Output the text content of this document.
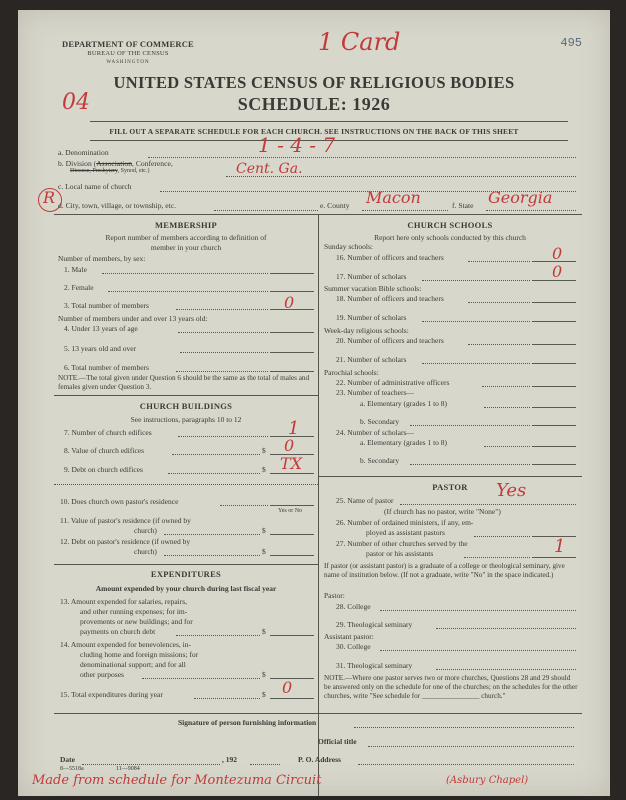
DEPARTMENT OF COMMERCE
BUREAU OF THE CENSUS
WASHINGTON
495
1 Card
04
UNITED STATES CENSUS OF RELIGIOUS BODIES
SCHEDULE: 1926
FILL OUT A SEPARATE SCHEDULE FOR EACH CHURCH. SEE INSTRUCTIONS ON THE BACK OF THIS SHEET
a. Denomination	1 - 4 - 7
b. Division (Association, Conference,
Diocese, Presbytery, Synod, etc.)	Cent. Ga.
R
c. Local name of church
d. City, town, village, or township, etc.	e. County Macon	f. State Georgia
MEMBERSHIP
Report number of members according to definition of
member in your church
Number of members, by sex:
1. Male
2. Female
3. Total number of members	0
Number of members under and over 13 years old:
4. Under 13 years of age
5. 13 years old and over
6. Total number of members
NOTE.—The total given under Question 6 should be the same as the total of males and females given under Question 3.
CHURCH BUILDINGS
See instructions, paragraphs 10 to 12
7. Number of church edifices	1
8. Value of church edifices	$ 0
9. Debt on church edifices	$ TX
10. Does church own pastor's residence
Yes or No
11. Value of pastor's residence (if owned by
church)	$
12. Debt on pastor's residence (if owned by
church)	$
EXPENDITURES
Amount expended by your church during last fiscal year
13. Amount expended for salaries, repairs,
and other running expenses; for im-
provements or new buildings; and for
payments on church debt	$
14. Amount expended for benevolences, in-
cluding home and foreign missions; for
denominational support; and for all
other purposes	$
15. Total expenditures during year	$ 0
CHURCH SCHOOLS
Report here only schools conducted by this church
Sunday schools:
16. Number of officers and teachers	0
17. Number of scholars	0
Summer vacation Bible schools:
18. Number of officers and teachers
19. Number of scholars
Week-day religious schools:
20. Number of officers and teachers
21. Number of scholars
Parochial schools:
22. Number of administrative officers
23. Number of teachers—
a. Elementary (grades 1 to 8)
b. Secondary
24. Number of scholars—
a. Elementary (grades 1 to 8)
b. Secondary
PASTOR
25. Name of pastor	Yes
(If church has no pastor, write "None")
26. Number of ordained ministers, if any, em-
ployed as assistant pastors
27. Number of other churches served by the
pastor or his assistants	1
If pastor (or assistant pastor) is a graduate of a college or theological seminary, give name of institution below. (If not a graduate, write "No" in the space indicated.)
Pastor:
28. College
29. Theological seminary
Assistant pastor:
30. College
31. Theological seminary
NOTE.—Where one pastor serves two or more churches, Questions 28 and 29 should be answered only on the schedule for one of the churches; on the schedules for the other churches, write "See schedule for ________________ church."
Signature of person furnishing information
Official title
Date	, 192	P. O. Address
8—5518a	11—9084
Made from schedule for Montezuma Circuit	(Asbury Chapel)
